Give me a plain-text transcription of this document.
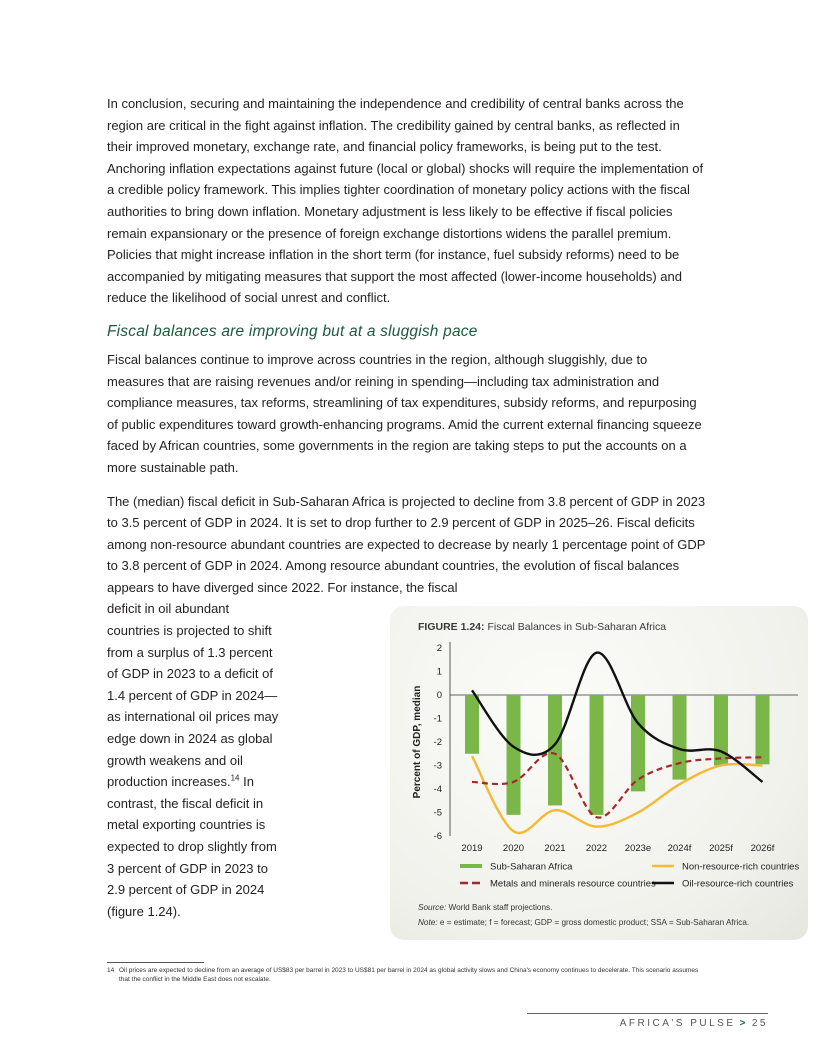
In conclusion, securing and maintaining the independence and credibility of central banks across the region are critical in the fight against inflation. The credibility gained by central banks, as reflected in their improved monetary, exchange rate, and financial policy frameworks, is being put to the test. Anchoring inflation expectations against future (local or global) shocks will require the implementation of a credible policy framework. This implies tighter coordination of monetary policy actions with the fiscal authorities to bring down inflation. Monetary adjustment is less likely to be effective if fiscal policies remain expansionary or the presence of foreign exchange distortions widens the parallel premium. Policies that might increase inflation in the short term (for instance, fuel subsidy reforms) need to be accompanied by mitigating measures that support the most affected (lower-income households) and reduce the likelihood of social unrest and conflict.

Fiscal balances are improving but at a sluggish pace

Fiscal balances continue to improve across countries in the region, although sluggishly, due to measures that are raising revenues and/or reining in spending—including tax administration and compliance measures, tax reforms, streamlining of tax expenditures, subsidy reforms, and repurposing of public expenditures toward growth-enhancing programs. Amid the current external financing squeeze faced by African countries, some governments in the region are taking steps to put the accounts on a more sustainable path.

The (median) fiscal deficit in Sub-Saharan Africa is projected to decline from 3.8 percent of GDP in 2023 to 3.5 percent of GDP in 2024. It is set to drop further to 2.9 percent of GDP in 2025–26. Fiscal deficits among non-resource abundant countries are expected to decrease by nearly 1 percentage point of GDP to 3.8 percent of GDP in 2024. Among resource abundant countries, the evolution of fiscal balances appears to have diverged since 2022. For instance, the fiscal

deficit in oil abundant countries is projected to shift from a surplus of 1.3 percent of GDP in 2023 to a deficit of 1.4 percent of GDP in 2024—as international oil prices may edge down in 2024 as global growth weakens and oil production increases.$^{14}$ In contrast, the fiscal deficit in metal exporting countries is expected to drop slightly from 3 percent of GDP in 2023 to 2.9 percent of GDP in 2024 (figure 1.24).
FIGURE 1.24: Fiscal Balances in Sub-Saharan Africa
2
1
0
-1
-2
-3
-4
-5
-6
2019 2020 2021 2022 2023e 2024f 2025f 2026f
Percent of GDP, median
Sub-Saharan Africa	Non-resource-rich countries
Metals and minerals resource countries	Oil-resource-rich countries
Source: World Bank staff projections.
Note: e = estimate; f = forecast; GDP = gross domestic product; SSA = Sub-Saharan Africa.
14 Oil prices are expected to decline from an average of US$83 per barrel in 2023 to US$81 per barrel in 2024 as global activity slows and China's economy continues to decelerate. This scenario assumes that the conflict in the Middle East does not escalate.
AFRICA'S PULSE > 25
